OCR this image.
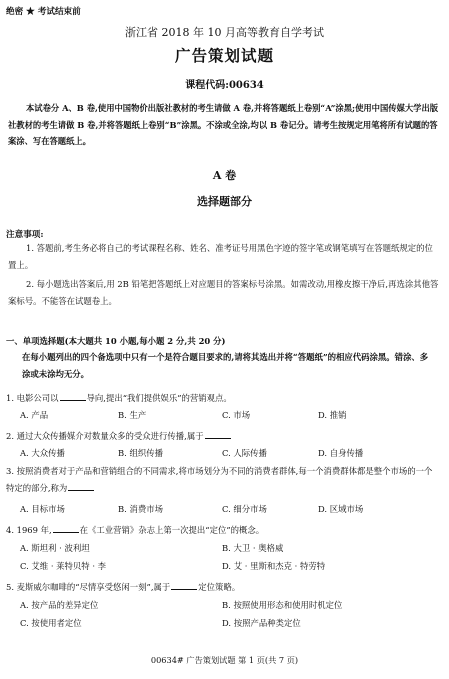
绝密 ★ 考试结束前
浙江省 2018 年 10 月高等教育自学考试
广告策划试题
课程代码:00634
本试卷分 A、B 卷,使用中国物价出版社教材的考生请做 A 卷,并将答题纸上卷别“A”涂黑;使用中国传媒大学出版社教材的考生请做 B 卷,并将答题纸上卷别“B”涂黑。不涂或全涂,均以 B 卷记分。请考生按规定用笔将所有试题的答案涂、写在答题纸上。
A 卷
选择题部分
注意事项:
1. 答题前,考生务必将自己的考试课程名称、姓名、准考证号用黑色字迹的签字笔或钢笔填写在答题纸规定的位置上。
2. 每小题选出答案后,用 2B 铅笔把答题纸上对应题目的答案标号涂黑。如需改动,用橡皮擦干净后,再选涂其他答案标号。不能答在试题卷上。
一、单项选择题(本大题共 10 小题,每小题 2 分,共 20 分)
在每小题列出的四个备选项中只有一个是符合题目要求的,请将其选出并将“答题纸”的相应代码涂黑。错涂、多涂或未涂均无分。
1. 电影公司以	导向,提出“我们提供娱乐”的营销观点。
A. 产品	B. 生产	C. 市场	D. 推销
2. 通过大众传播媒介对数量众多的受众进行传播,属于
A. 大众传播	B. 组织传播	C. 人际传播	D. 自身传播
3. 按照消费者对于产品和营销组合的不同需求,将市场划分为不同的消费者群体,每一个消费群体都是整个市场的一个特定的部分,称为
A. 目标市场	B. 消费市场	C. 细分市场	D. 区域市场
4. 1969 年,	在《工业营销》杂志上第一次提出“定位”的概念。
A. 斯坦利 · 波利坦	B. 大卫 · 奥格威
C. 艾维 · 莱特贝特 · 李	D. 艾 · 里斯和杰克 · 特劳特
5. 麦斯威尔咖啡的“尽情享受悠闲一刻”,属于	定位策略。
A. 按产品的差异定位	B. 按照使用形态和使用时机定位
C. 按使用者定位	D. 按照产品种类定位
00634# 广告策划试题 第 1 页(共 7 页)
